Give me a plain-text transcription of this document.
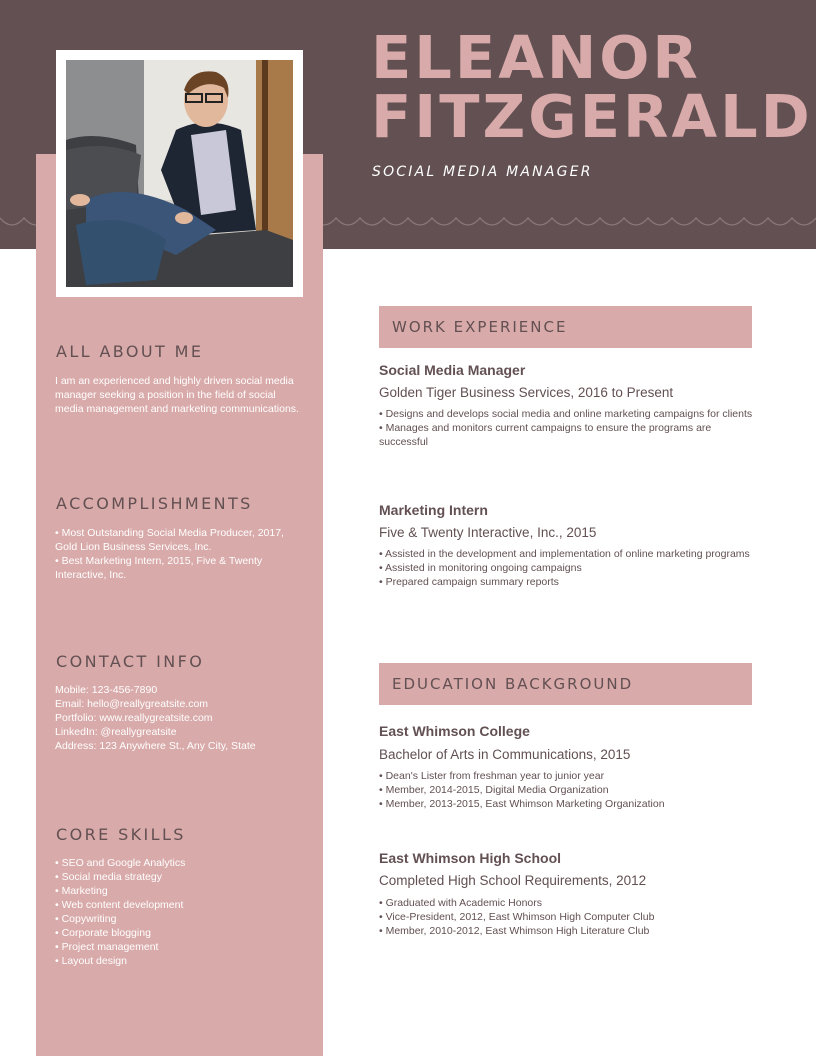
ELEANOR
FITZGERALD

SOCIAL MEDIA MANAGER

ALL ABOUT ME

I am an experienced and highly driven social media manager seeking a position in the field of social media management and marketing communications.

ACCOMPLISHMENTS
• Most Outstanding Social Media Producer, 2017, Gold Lion Business Services, Inc.
• Best Marketing Intern, 2015, Five & Twenty Interactive, Inc.
CONTACT INFO
Mobile: 123-456-7890
Email: hello@reallygreatsite.com
Portfolio: www.reallygreatsite.com
LinkedIn: @reallygreatsite
Address: 123 Anywhere St., Any City, State
CORE SKILLS
• SEO and Google Analytics
• Social media strategy
• Marketing
• Web content development
• Copywriting
• Corporate blogging
• Project management
• Layout design
WORK EXPERIENCE

Social Media Manager

Golden Tiger Business Services, 2016 to Present

• Designs and develops social media and online marketing campaigns for clients
• Manages and monitors current campaigns to ensure the programs are successful

Marketing Intern

Five & Twenty Interactive, Inc., 2015

• Assisted in the development and implementation of online marketing programs
• Assisted in monitoring ongoing campaigns
• Prepared campaign summary reports
EDUCATION BACKGROUND

East Whimson College

Bachelor of Arts in Communications, 2015

• Dean's Lister from freshman year to junior year
• Member, 2014-2015, Digital Media Organization
• Member, 2013-2015, East Whimson Marketing Organization

East Whimson High School

Completed High School Requirements, 2012

• Graduated with Academic Honors
• Vice-President, 2012, East Whimson High Computer Club
• Member, 2010-2012, East Whimson High Literature Club
